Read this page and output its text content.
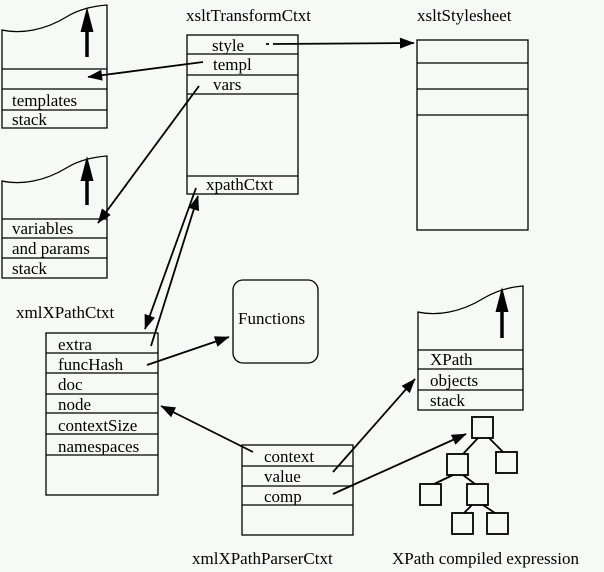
templates
stack
variables
and params
stack
xsltTransformCtxt
style
templ
vars
xpathCtxt
xsltStylesheet
xmlXPathCtxt
extra
funcHash
doc
node
contextSize
namespaces
Functions
XPath
objects
stack
context
value
comp
xmlXPathParserCtxt	XPath compiled expression
